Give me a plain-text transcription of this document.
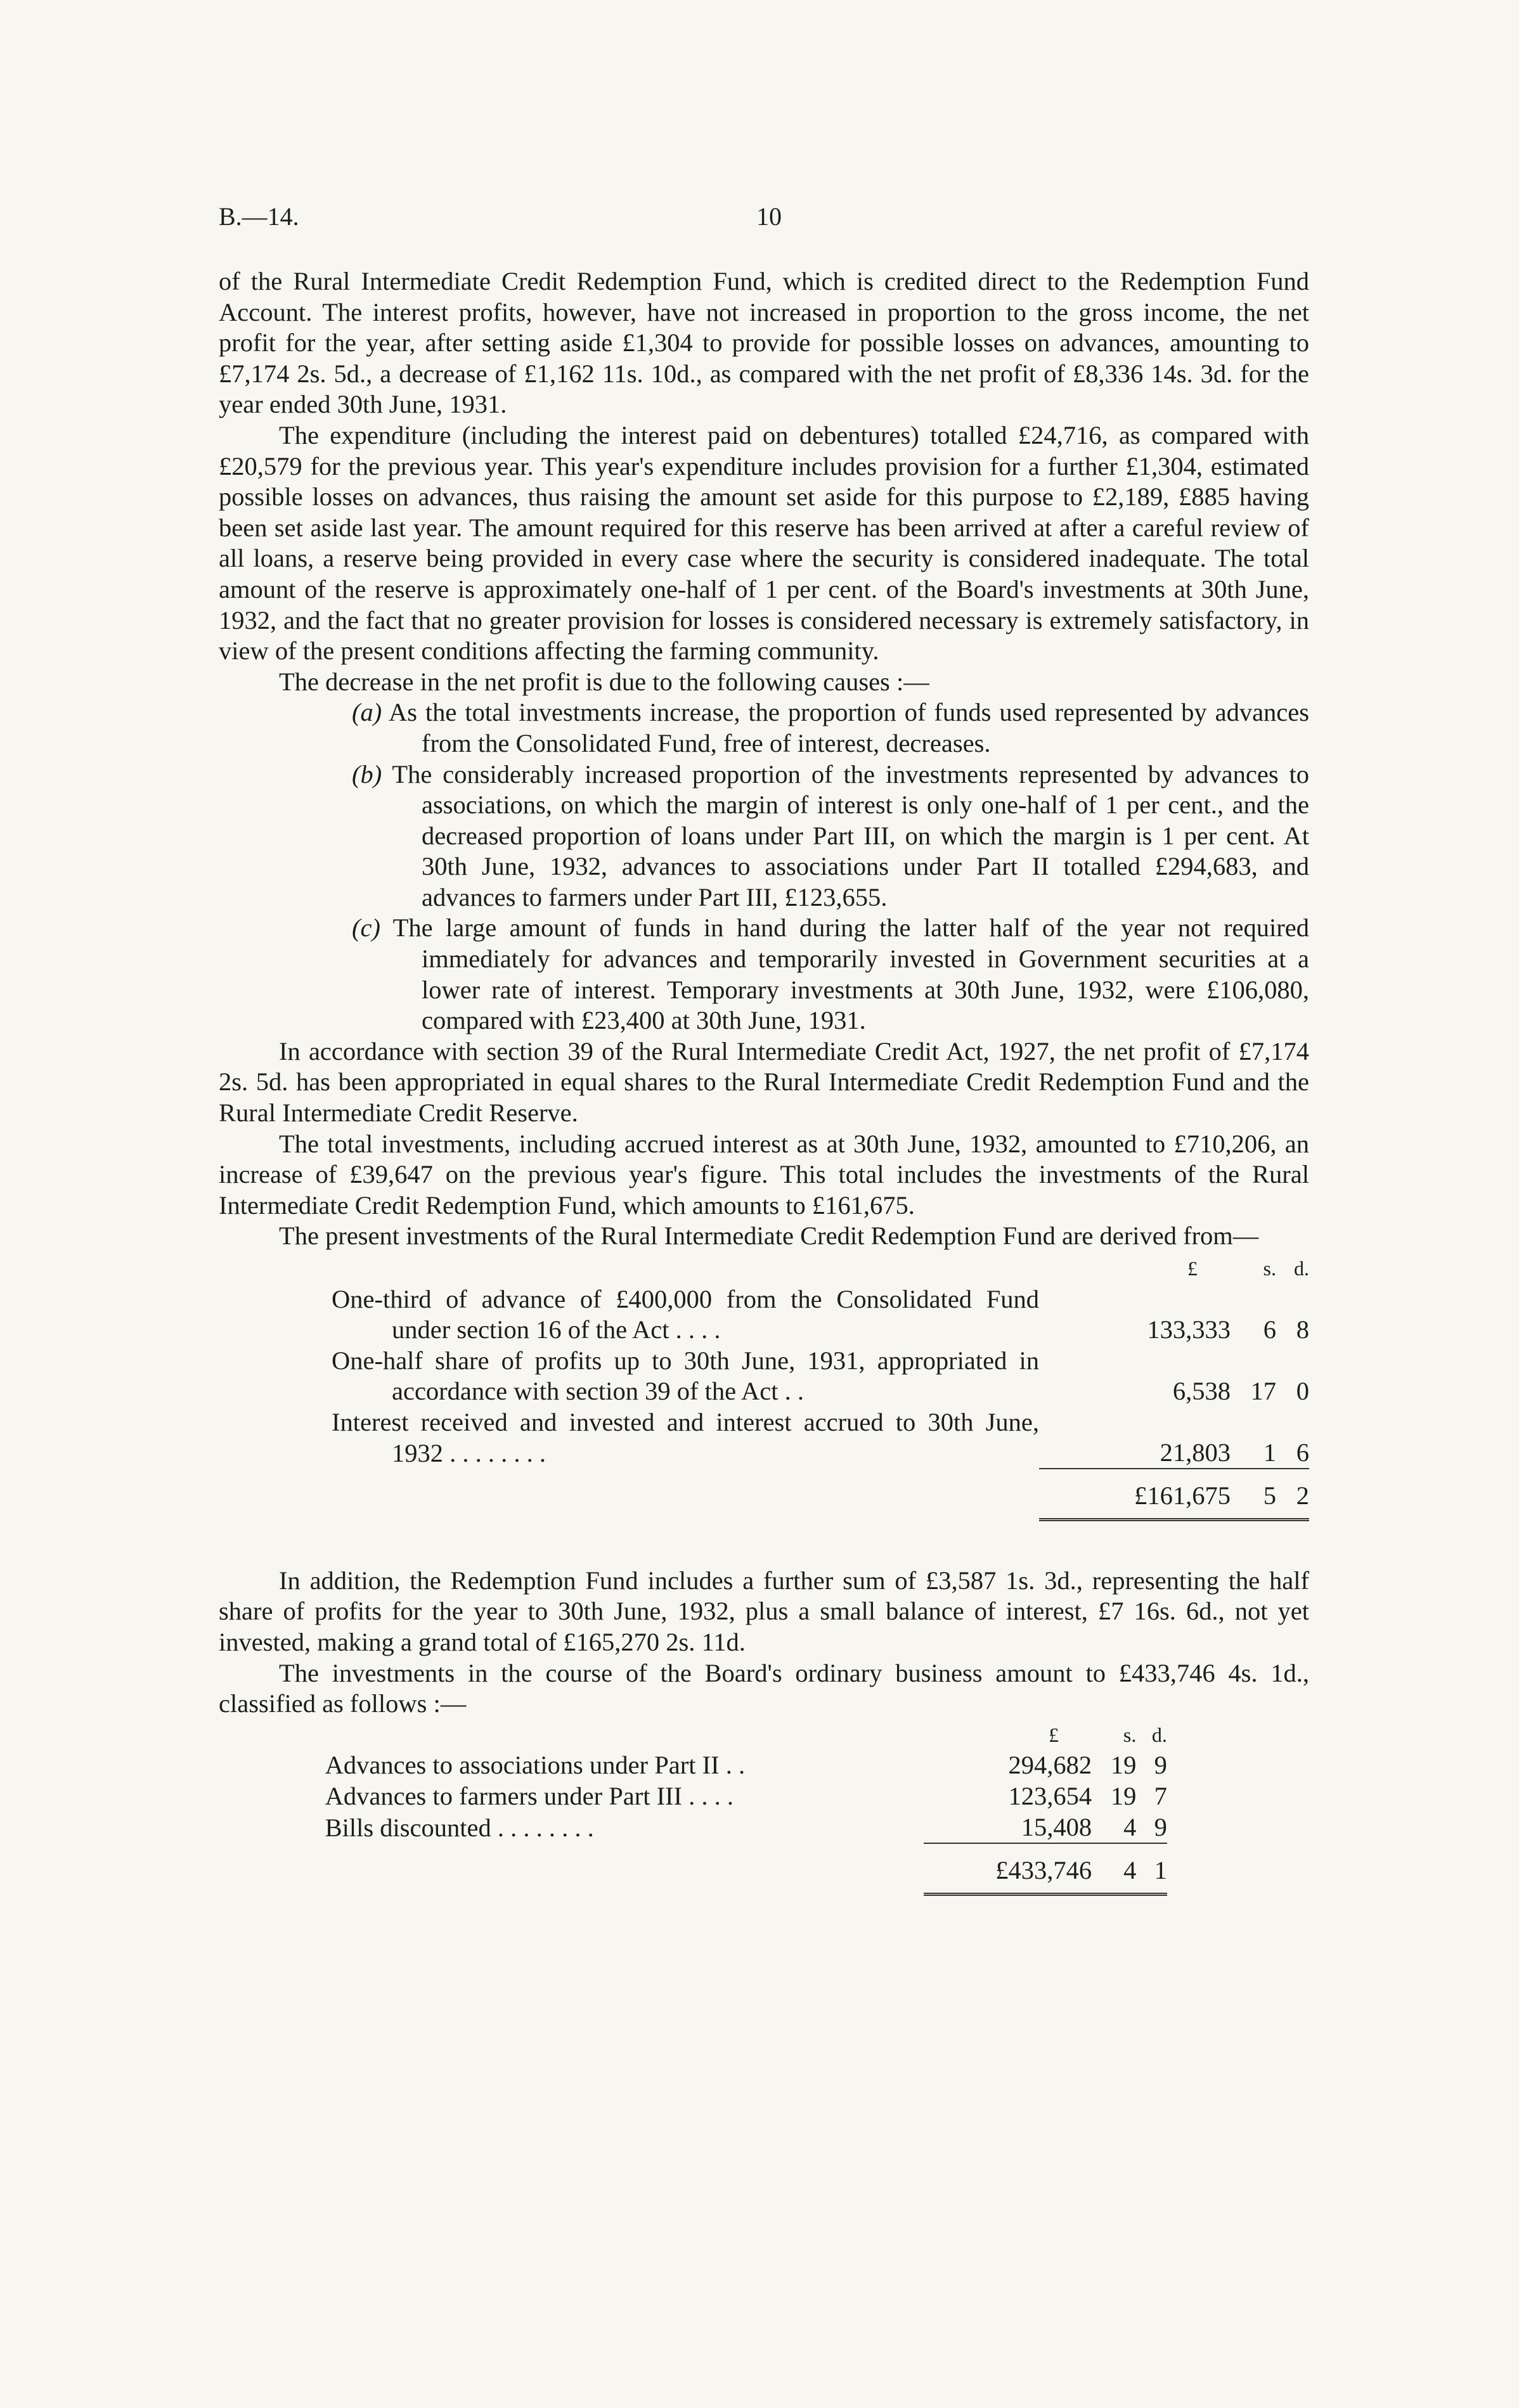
B.—14.	10

of the Rural Intermediate Credit Redemption Fund, which is credited direct to the Redemption Fund Account. The interest profits, however, have not increased in proportion to the gross income, the net profit for the year, after setting aside £1,304 to provide for possible losses on advances, amounting to £7,174 2s. 5d., a decrease of £1,162 11s. 10d., as compared with the net profit of £8,336 14s. 3d. for the year ended 30th June, 1931.

The expenditure (including the interest paid on debentures) totalled £24,716, as compared with £20,579 for the previous year. This year's expenditure includes provision for a further £1,304, estimated possible losses on advances, thus raising the amount set aside for this purpose to £2,189, £885 having been set aside last year. The amount required for this reserve has been arrived at after a careful review of all loans, a reserve being provided in every case where the security is considered inadequate. The total amount of the reserve is approximately one-half of 1 per cent. of the Board's investments at 30th June, 1932, and the fact that no greater provision for losses is considered necessary is extremely satisfactory, in view of the present conditions affecting the farming community.

The decrease in the net profit is due to the following causes :—

(a) As the total investments increase, the proportion of funds used represented by advances from the Consolidated Fund, free of interest, decreases.

(b) The considerably increased proportion of the investments represented by advances to associations, on which the margin of interest is only one-half of 1 per cent., and the decreased proportion of loans under Part III, on which the margin is 1 per cent. At 30th June, 1932, advances to associations under Part II totalled £294,683, and advances to farmers under Part III, £123,655.

(c) The large amount of funds in hand during the latter half of the year not required immediately for advances and temporarily invested in Government securities at a lower rate of interest. Temporary investments at 30th June, 1932, were £106,080, compared with £23,400 at 30th June, 1931.

In accordance with section 39 of the Rural Intermediate Credit Act, 1927, the net profit of £7,174 2s. 5d. has been appropriated in equal shares to the Rural Intermediate Credit Redemption Fund and the Rural Intermediate Credit Reserve.

The total investments, including accrued interest as at 30th June, 1932, amounted to £710,206, an increase of £39,647 on the previous year's figure. This total includes the investments of the Rural Intermediate Credit Redemption Fund, which amounts to £161,675.

The present investments of the Rural Intermediate Credit Redemption Fund are derived from—

		£	s.	d.
	One-third of advance of £400,000 from the Consolidated Fund under section 16 of the Act . . . .	133,333	6	8
	One-half share of profits up to 30th June, 1931, appropriated in accordance with section 39 of the Act . .	6,538	17	0
	Interest received and invested and interest accrued to 30th June, 1932 . . . . . . . .	21,803	1	6
		£161,675	5	2

In addition, the Redemption Fund includes a further sum of £3,587 1s. 3d., representing the half share of profits for the year to 30th June, 1932, plus a small balance of interest, £7 16s. 6d., not yet invested, making a grand total of £165,270 2s. 11d.

The investments in the course of the Board's ordinary business amount to £433,746 4s. 1d., classified as follows :—

		£	s.	d.	
	Advances to associations under Part II . .	294,682	19	9	
	Advances to farmers under Part III . . . .	123,654	19	7	
	Bills discounted . . . . . . . .	15,408	4	9	
		£433,746	4	1	
